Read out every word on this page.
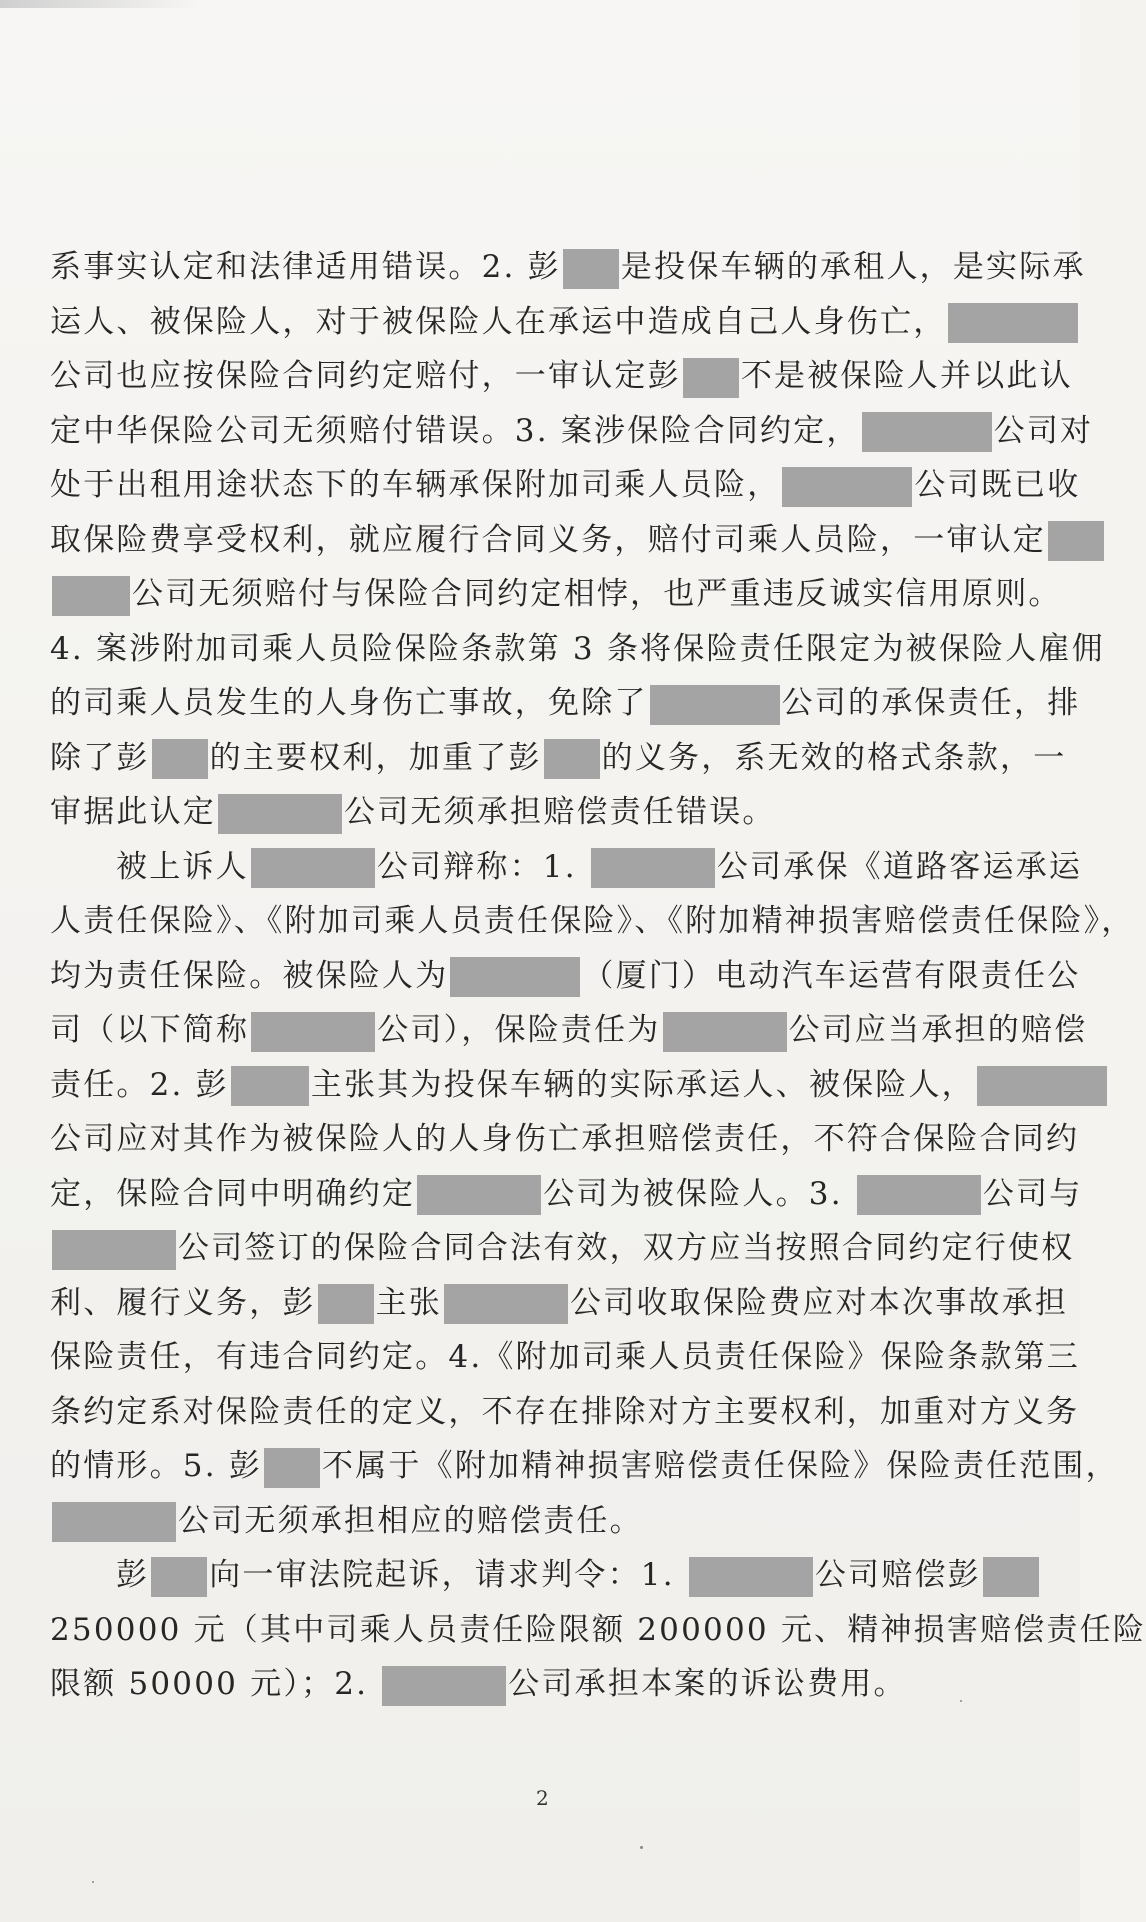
系事实认定和法律适用错误。2. 彭 是投保车辆的承租人，是实际承
运人、被保险人，对于被保险人在承运中造成自己人身伤亡，
公司也应按保险合同约定赔付，一审认定彭 不是被保险人并以此认
定中华保险公司无须赔付错误。3. 案涉保险合同约定，	公司对
处于出租用途状态下的车辆承保附加司乘人员险，	公司既已收
取保险费享受权利，就应履行合同义务，赔付司乘人员险，一审认定
公司无须赔付与保险合同约定相悖，也严重违反诚实信用原则。
4. 案涉附加司乘人员险保险条款第 3 条将保险责任限定为被保险人雇佣
的司乘人员发生的人身伤亡事故，免除了	公司的承保责任，排
除了彭 的主要权利，加重了彭 的义务，系无效的格式条款，一
审据此认定	公司无须承担赔偿责任错误。
被上诉人	公司辩称：1.	公司承保《道路客运承运
人责任保险》、《附加司乘人员责任保险》、《附加精神损害赔偿责任保险》，
均为责任保险。被保险人为	（厦门）电动汽车运营有限责任公
司（以下简称	公司），保险责任为	公司应当承担的赔偿
责任。2. 彭	主张其为投保车辆的实际承运人、被保险人，
公司应对其作为被保险人的人身伤亡承担赔偿责任，不符合保险合同约
定，保险合同中明确约定	公司为被保险人。3.	公司与
公司签订的保险合同合法有效，双方应当按照合同约定行使权
利、履行义务，彭 主张	公司收取保险费应对本次事故承担
保险责任，有违合同约定。4.《附加司乘人员责任保险》保险条款第三
条约定系对保险责任的定义，不存在排除对方主要权利，加重对方义务
的情形。5. 彭 不属于《附加精神损害赔偿责任保险》保险责任范围，
公司无须承担相应的赔偿责任。
彭 向一审法院起诉，请求判令：1.	公司赔偿彭
250000 元（其中司乘人员责任险限额 200000 元、精神损害赔偿责任险
限额 50000 元）；2.	公司承担本案的诉讼费用。
2
